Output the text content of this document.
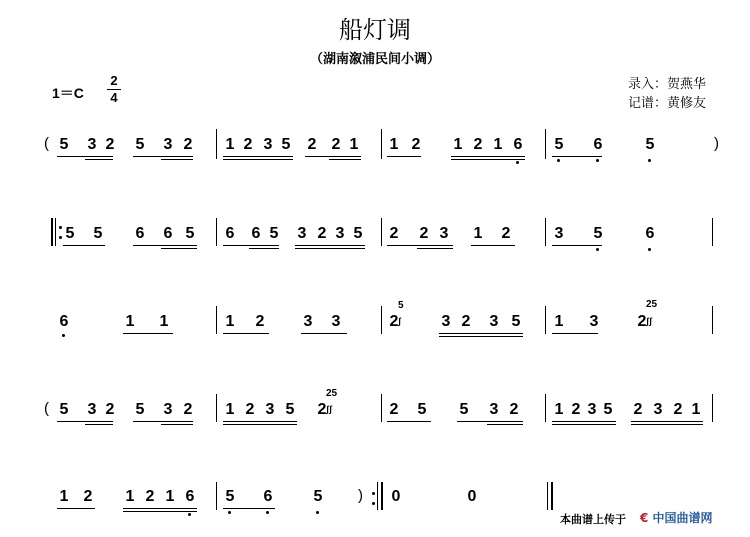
船灯调
（湖南溆浦民间小调）
1＝C
2
4
录入：贺燕华
记谱：黄修友
( 5 3 2 5 3 2 1 2 3 5 2 2 1 1 2 1 2 1 6 5 6	5	)
5 5 6 6 5 6 6 5 3 2 3 5 2 2 3 1 2	3 5	6
6	1 1	1 2 3 3	2
5
ʃ	3 2 3 5 1 3 2
25
ʃʃ
( 5 3 2 5 3 2 1 2 3 5 2
25
ʃʃ	2 5 5 3 2 1 2 3 5 2 3 2 1
1 2 1 2 1 6 5 6	5 ) 0	0
本曲谱上传于 € 中国曲谱网
